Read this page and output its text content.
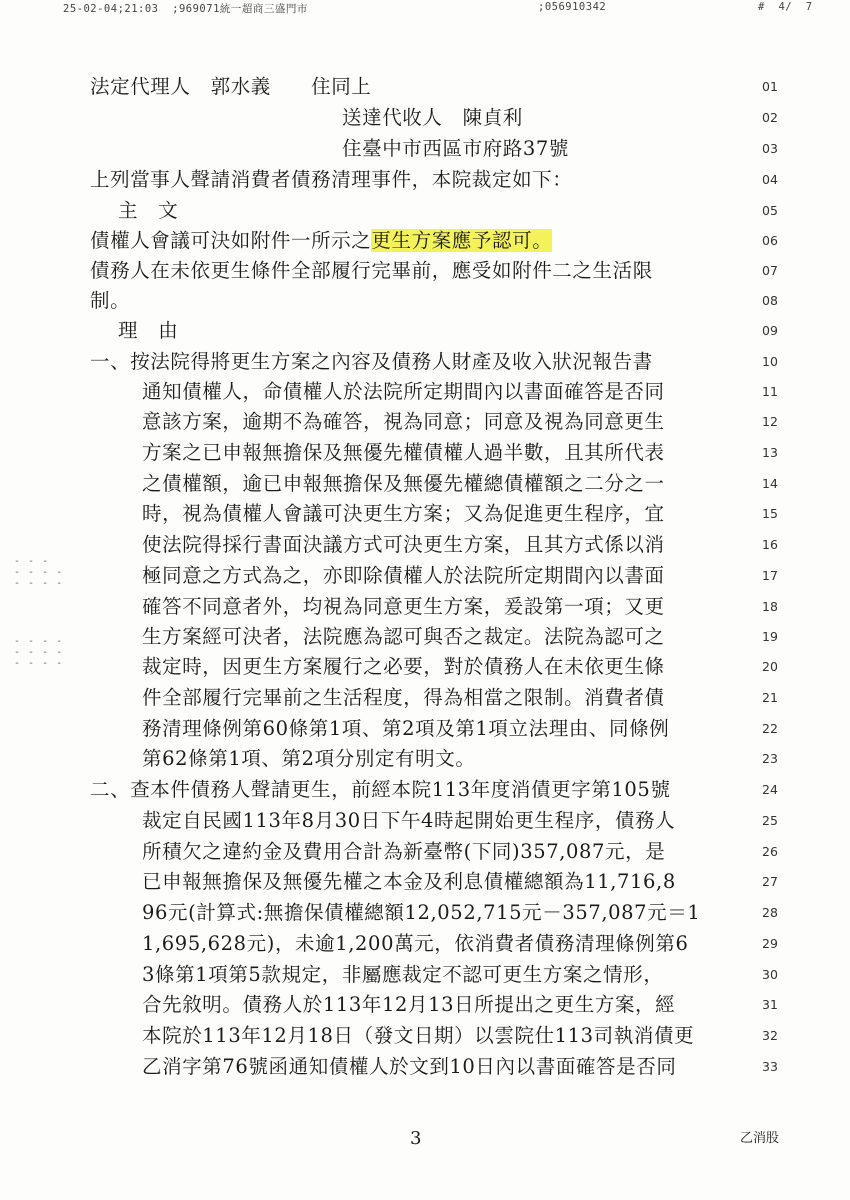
25-02-04;21:03  ;969071統一超商三盛門市	;056910342	#  4/  7
- - -
- - - -
- - - -
- - - -
- - - -
- - - -
法定代理人　郭水義　　住同上	01
送達代收人　陳貞利	02
住臺中市西區市府路37號	03
上列當事人聲請消費者債務清理事件，本院裁定如下：	04
主　文	05
債權人會議可決如附件一所示之更生方案應予認可。	06
債務人在未依更生條件全部履行完畢前，應受如附件二之生活限	07
制。	08
理　由	09
一、按法院得將更生方案之內容及債務人財產及收入狀況報告書	10
通知債權人，命債權人於法院所定期間內以書面確答是否同	11
意該方案，逾期不為確答，視為同意；同意及視為同意更生	12
方案之已申報無擔保及無優先權債權人過半數，且其所代表	13
之債權額，逾已申報無擔保及無優先權總債權額之二分之一	14
時，視為債權人會議可決更生方案；又為促進更生程序，宜	15
使法院得採行書面決議方式可決更生方案，且其方式係以消	16
極同意之方式為之，亦即除債權人於法院所定期間內以書面	17
確答不同意者外，均視為同意更生方案，爰設第一項；又更	18
生方案經可決者，法院應為認可與否之裁定。法院為認可之	19
裁定時，因更生方案履行之必要，對於債務人在未依更生條	20
件全部履行完畢前之生活程度，得為相當之限制。消費者債	21
務清理條例第60條第1項、第2項及第1項立法理由、同條例	22
第62條第1項、第2項分別定有明文。	23
二、查本件債務人聲請更生，前經本院113年度消債更字第105號	24
裁定自民國113年8月30日下午4時起開始更生程序，債務人	25
所積欠之違約金及費用合計為新臺幣(下同)357,087元，是	26
已申報無擔保及無優先權之本金及利息債權總額為11,716,8	27
96元(計算式:無擔保債權總額12,052,715元－357,087元＝1	28
1,695,628元)，未逾1,200萬元，依消費者債務清理條例第6	29
3條第1項第5款規定，非屬應裁定不認可更生方案之情形，	30
合先敘明。債務人於113年12月13日所提出之更生方案，經	31
本院於113年12月18日（發文日期）以雲院仕113司執消債更	32
乙消字第76號函通知債權人於文到10日內以書面確答是否同	33
3	乙消股
